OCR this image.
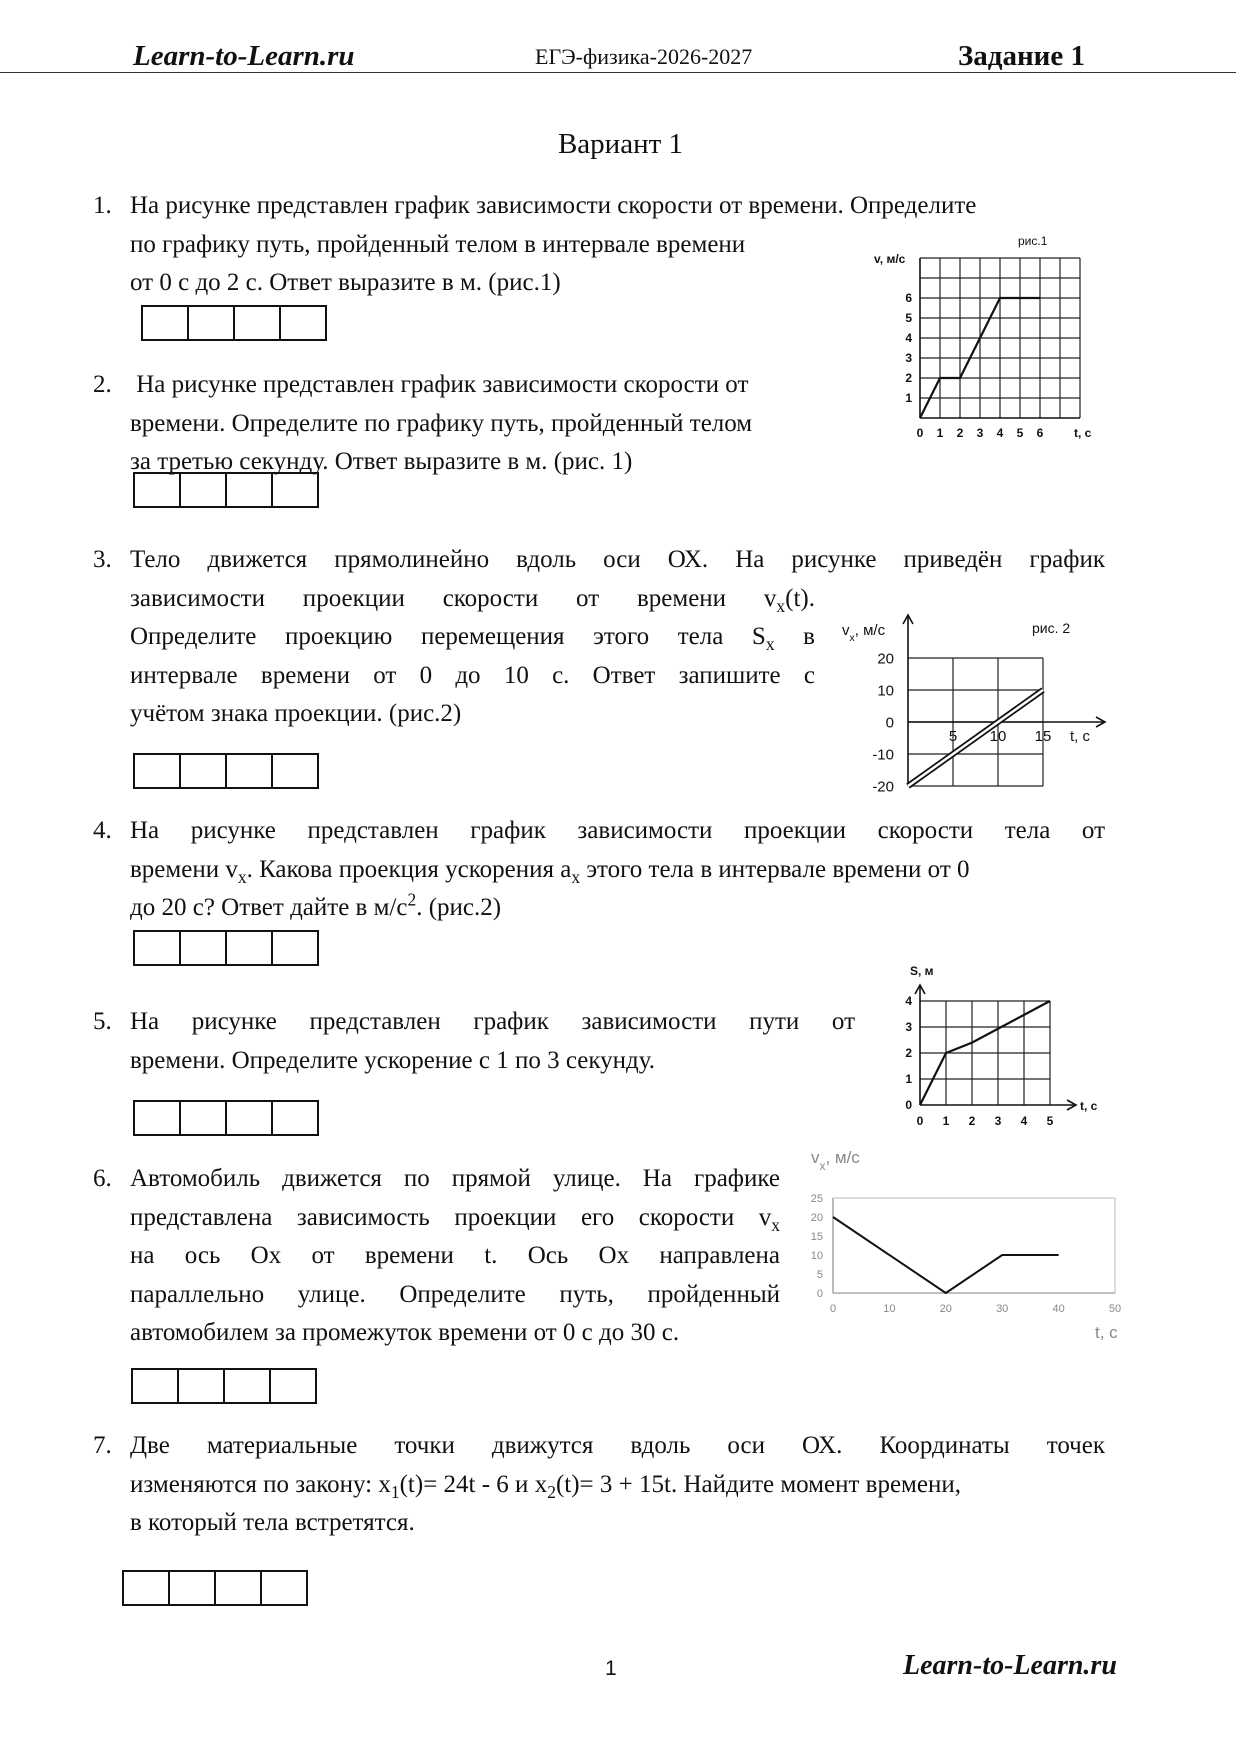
Learn-to-Learn.ru	ЕГЭ-физика-2026-2027	Задание 1
Вариант 1
1. На рисунке представлен график зависимости скорости от времени. Определите
по графику путь, пройденный телом в интервале времени
от 0 с до 2 с. Ответ выразите в м. (рис.1)
2. На рисунке представлен график зависимости скорости от
времени. Определите по графику путь, пройденный телом
за третью секунду. Ответ выразите в м. (рис. 1)
3. Тело движется прямолинейно вдоль оси ОХ. На рисунке приведён график
зависимости проекции скорости от времени $v_x(t)$.
Определите проекцию перемещения этого тела $S_x$ в
интервале времени от 0 до 10 с. Ответ запишите с
учётом знака проекции. (рис.2)
4. На рисунке представлен график зависимости проекции скорости тела от
времени $v_x$. Какова проекция ускорения $a_x$ этого тела в интервале времени от 0
до 20 с? Ответ дайте в $м/с^2$. (рис.2)
5. На рисунке представлен график зависимости пути от
времени. Определите ускорение с 1 по 3 секунду.
6. Автомобиль движется по прямой улице. На графике
представлена зависимость проекции его скорости $v_x$
на ось Ox от времени t. Ось Ox направлена
параллельно улице. Определите путь, пройденный
автомобилем за промежуток времени от 0 с до 30 с.
7. Две материальные точки движутся вдоль оси ОХ. Координаты точек
изменяются по закону: $x_1(t)= 24t - 6$ и $x_2(t)= 3 + 15t$. Найдите момент времени,
в который тела встретятся.
0 1 2 3 4 5 6
1
2
3
4
5
6
t, c
v, м/с
рис.1
5 10 15
20
10
0
-10
-20
t, c
$v_x$, м/с	рис. 2
0 1 2 3 4 5
0
1
2
3
4
t, c
S, м
0	10	20	30	40	50
0
5
10
15
20
25
t, c
$v_x$, м/с
1	Learn-to-Learn.ru
